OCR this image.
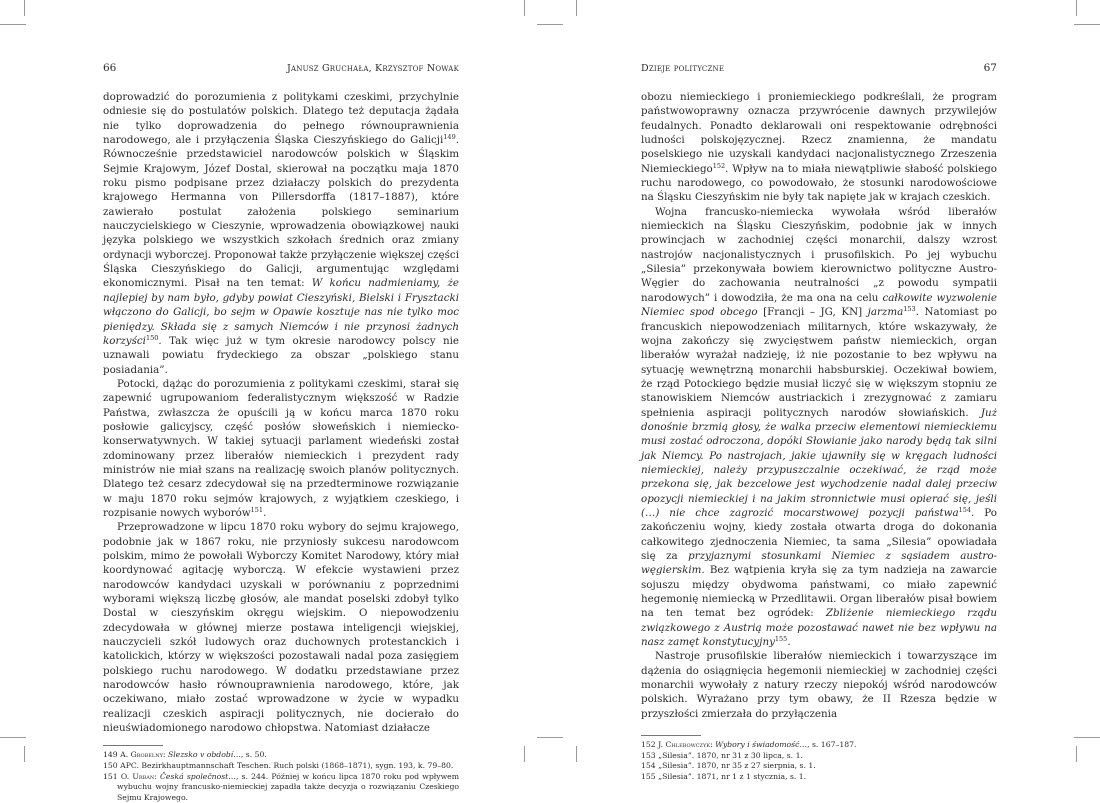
66	Janusz Gruchała, Krzysztof Nowak

doprowadzić do porozumienia z politykami czeskimi, przychylnie odniesie się do postulatów polskich. Dlatego też deputacja żądała nie tylko doprowadzenia do pełnego równouprawnienia narodowego, ale i przyłączenia Śląska Cieszyńskiego do Galicji$^{149}$. Równocześnie przedstawiciel narodowców polskich w Śląskim Sejmie Krajowym, Józef Dostal, skierował na początku maja 1870 roku pismo podpisane przez działaczy polskich do prezydenta krajowego Hermanna von Pillersdorffa (1817–1887), które zawierało postulat założenia polskiego seminarium nauczycielskiego w Cieszynie, wprowadzenia obowiązkowej nauki języka polskiego we wszystkich szkołach średnich oraz zmiany ordynacji wyborczej. Proponował także przyłączenie większej części Śląska Cieszyńskiego do Galicji, argumentując względami ekonomicznymi. Pisał na ten temat: W końcu nadmieniamy, że najlepiej by nam było, gdyby powiat Cieszyński, Bielski i Frysztacki włączono do Galicji, bo sejm w Opawie kosztuje nas nie tylko moc pieniędzy. Składa się z samych Niemców i nie przynosi żadnych korzyści$^{150}$. Tak więc już w tym okresie narodowcy polscy nie uznawali powiatu frydeckiego za obszar „polskiego stanu posiadania”.

Potocki, dążąc do porozumienia z politykami czeskimi, starał się zapewnić ugrupowaniom federalistycznym większość w Radzie Państwa, zwłaszcza że opuścili ją w końcu marca 1870 roku posłowie galicyjscy, część posłów słoweńskich i niemiecko-konserwatywnych. W takiej sytuacji parlament wiedeński został zdominowany przez liberałów niemieckich i prezydent rady ministrów nie miał szans na realizację swoich planów politycznych. Dlatego też cesarz zdecydował się na przedterminowe rozwiązanie w maju 1870 roku sejmów krajowych, z wyjątkiem czeskiego, i rozpisanie nowych wyborów$^{151}$.

Przeprowadzone w lipcu 1870 roku wybory do sejmu krajowego, podobnie jak w 1867 roku, nie przyniosły sukcesu narodowcom polskim, mimo że powołali Wyborczy Komitet Narodowy, który miał koordynować agitację wyborczą. W efekcie wystawieni przez narodowców kandydaci uzyskali w porównaniu z poprzednimi wyborami większą liczbę głosów, ale mandat poselski zdobył tylko Dostal w cieszyńskim okręgu wiejskim. O niepowodzeniu zdecydowała w głównej mierze postawa inteligencji wiejskiej, nauczycieli szkół ludowych oraz duchownych protestanckich i katolickich, którzy w większości pozostawali nadal poza zasięgiem polskiego ruchu narodowego. W dodatku przedstawiane przez narodowców hasło równouprawnienia narodowego, które, jak oczekiwano, miało zostać wprowadzone w życie w wypadku realizacji czeskich aspiracji politycznych, nie docierało do nieuświadomionego narodowo chłopstwa. Natomiast działacze

149 A. Grobelný: Slezsko v období…, s. 50.

150 APC. Bezirkhauptmannschaft Teschen. Ruch polski (1868–1871), sygn. 193, k. 79–80.

151 O. Urban: Česká společnost…, s. 244. Później w końcu lipca 1870 roku pod wpływem wybuchu wojny francusko-niemieckiej zapadła także decyzja o rozwiązaniu Czeskiego Sejmu Krajowego.

Dzieje polityczne	67

obozu niemieckiego i proniemieckiego podkreślali, że program państwowoprawny oznacza przywrócenie dawnych przywilejów feudalnych. Ponadto deklarowali oni respektowanie odrębności ludności polskojęzycznej. Rzecz znamienna, że mandatu poselskiego nie uzyskali kandydaci nacjonalistycznego Zrzeszenia Niemieckiego$^{152}$. Wpływ na to miała niewątpliwie słabość polskiego ruchu narodowego, co powodowało, że stosunki narodowościowe na Śląsku Cieszyńskim nie były tak napięte jak w krajach czeskich.

Wojna francusko-niemiecka wywołała wśród liberałów niemieckich na Śląsku Cieszyńskim, podobnie jak w innych prowincjach w zachodniej części monarchii, dalszy wzrost nastrojów nacjonalistycznych i prusofilskich. Po jej wybuchu „Silesia” przekonywała bowiem kierownictwo polityczne Austro-Węgier do zachowania neutralności „z powodu sympatii narodowych” i dowodziła, że ma ona na celu całkowite wyzwolenie Niemiec spod obcego [Francji – JG, KN] jarzma$^{153}$. Natomiast po francuskich niepowodzeniach militarnych, które wskazywały, że wojna zakończy się zwycięstwem państw niemieckich, organ liberałów wyrażał nadzieję, iż nie pozostanie to bez wpływu na sytuację wewnętrzną monarchii habsburskiej. Oczekiwał bowiem, że rząd Potockiego będzie musiał liczyć się w większym stopniu ze stanowiskiem Niemców austriackich i zrezygnować z zamiaru spełnienia aspiracji politycznych narodów słowiańskich. Już donośnie brzmią głosy, że walka przeciw elementowi niemieckiemu musi zostać odroczona, dopóki Słowianie jako narody będą tak silni jak Niemcy. Po nastrojach, jakie ujawniły się w kręgach ludności niemieckiej, należy przypuszczalnie oczekiwać, że rząd może przekona się, jak bezcelowe jest wychodzenie nadal dalej przeciw opozycji niemieckiej i na jakim stronnictwie musi opierać się, jeśli (…) nie chce zagrozić mocarstwowej pozycji państwa$^{154}$. Po zakończeniu wojny, kiedy została otwarta droga do dokonania całkowitego zjednoczenia Niemiec, ta sama „Silesia” opowiadała się za przyjaznymi stosunkami Niemiec z sąsiadem austro-węgierskim. Bez wątpienia kryła się za tym nadzieja na zawarcie sojuszu między obydwoma państwami, co miało zapewnić hegemonię niemiecką w Przedlitawii. Organ liberałów pisał bowiem na ten temat bez ogródek: Zbliżenie niemieckiego rządu związkowego z Austrią może pozostawać nawet nie bez wpływu na nasz zamęt konstytucyjny$^{155}$.

Nastroje prusofilskie liberałów niemieckich i towarzyszące im dążenia do osiągnięcia hegemonii niemieckiej w zachodniej części monarchii wywołały z natury rzeczy niepokój wśród narodowców polskich. Wyrażano przy tym obawy, że II Rzesza będzie w przyszłości zmierzała do przyłączenia

152 J. Chlebowczyk: Wybory i świadomość…, s. 167–187.

153 „Silesia”. 1870, nr 31 z 30 lipca, s. 1.

154 „Silesia”. 1870, nr 35 z 27 sierpnia, s. 1.

155 „Silesia”. 1871, nr 1 z 1 stycznia, s. 1.
